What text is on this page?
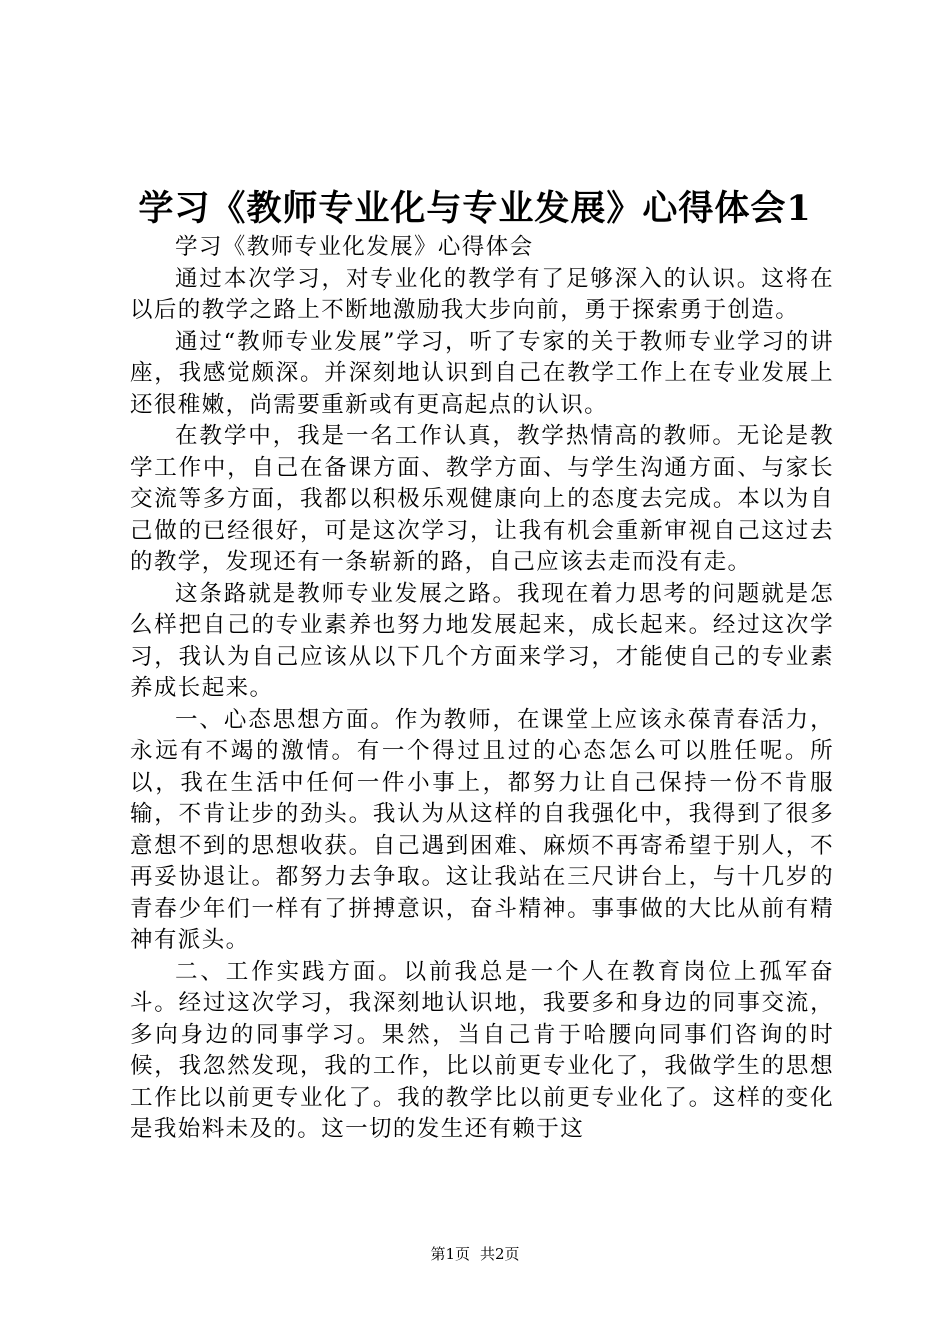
学习《教师专业化与专业发展》心得体会1

学习《教师专业化发展》心得体会

通过本次学习，对专业化的教学有了足够深入的认识。这将在以后的教学之路上不断地激励我大步向前，勇于探索勇于创造。

通过“教师专业发展”学习，听了专家的关于教师专业学习的讲座，我感觉颇深。并深刻地认识到自己在教学工作上在专业发展上还很稚嫩，尚需要重新或有更高起点的认识。

在教学中，我是一名工作认真，教学热情高的教师。无论是教学工作中，自己在备课方面、教学方面、与学生沟通方面、与家长交流等多方面，我都以积极乐观健康向上的态度去完成。本以为自己做的已经很好，可是这次学习，让我有机会重新审视自己这过去的教学，发现还有一条崭新的路，自己应该去走而没有走。

这条路就是教师专业发展之路。我现在着力思考的问题就是怎么样把自己的专业素养也努力地发展起来，成长起来。经过这次学习，我认为自己应该从以下几个方面来学习，才能使自己的专业素养成长起来。

一、心态思想方面。作为教师，在课堂上应该永葆青春活力，永远有不竭的激情。有一个得过且过的心态怎么可以胜任呢。所以，我在生活中任何一件小事上，都努力让自己保持一份不肯服输，不肯让步的劲头。我认为从这样的自我强化中，我得到了很多意想不到的思想收获。自己遇到困难、麻烦不再寄希望于别人，不再妥协退让。都努力去争取。这让我站在三尺讲台上，与十几岁的青春少年们一样有了拼搏意识，奋斗精神。事事做的大比从前有精神有派头。

二、工作实践方面。以前我总是一个人在教育岗位上孤军奋斗。经过这次学习，我深刻地认识地，我要多和身边的同事交流，多向身边的同事学习。果然，当自己肯于哈腰向同事们咨询的时候，我忽然发现，我的工作，比以前更专业化了，我做学生的思想工作比以前更专业化了。我的教学比以前更专业化了。这样的变化是我始料未及的。这一切的发生还有赖于这

第1页 共2页
